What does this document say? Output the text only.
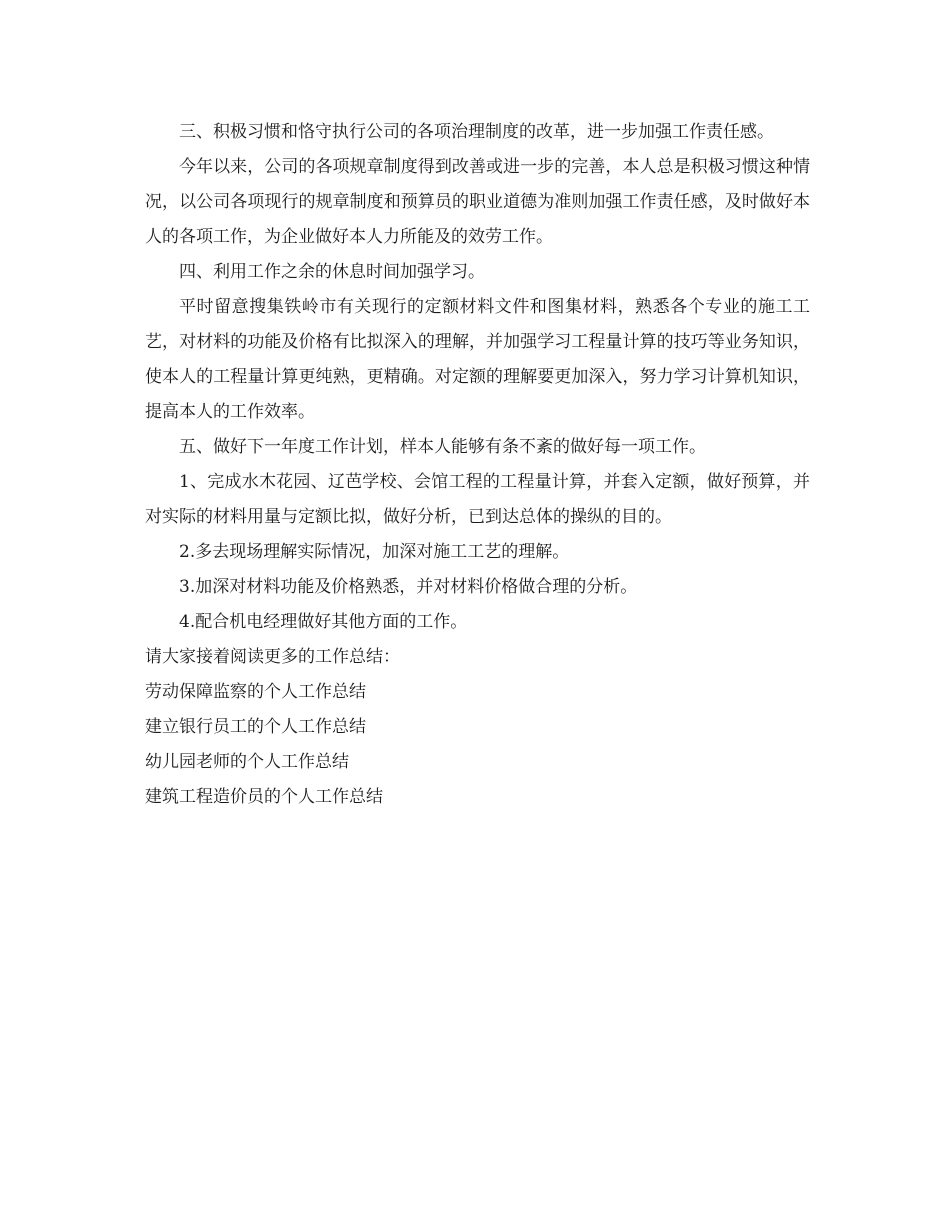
三、积极习惯和恪守执行公司的各项治理制度的改革，进一步加强工作责任感。

今年以来，公司的各项规章制度得到改善或进一步的完善，本人总是积极习惯这种情况，以公司各项现行的规章制度和预算员的职业道德为准则加强工作责任感，及时做好本人的各项工作，为企业做好本人力所能及的效劳工作。

四、利用工作之余的休息时间加强学习。

平时留意搜集铁岭市有关现行的定额材料文件和图集材料，熟悉各个专业的施工工艺，对材料的功能及价格有比拟深入的理解，并加强学习工程量计算的技巧等业务知识，使本人的工程量计算更纯熟，更精确。对定额的理解要更加深入，努力学习计算机知识，提高本人的工作效率。

五、做好下一年度工作计划，样本人能够有条不紊的做好每一项工作。

1、完成水木花园、辽芭学校、会馆工程的工程量计算，并套入定额，做好预算，并对实际的材料用量与定额比拟，做好分析，已到达总体的操纵的目的。

2.多去现场理解实际情况，加深对施工工艺的理解。

3.加深对材料功能及价格熟悉，并对材料价格做合理的分析。

4.配合机电经理做好其他方面的工作。

请大家接着阅读更多的工作总结：

劳动保障监察的个人工作总结
建立银行员工的个人工作总结
幼儿园老师的个人工作总结
建筑工程造价员的个人工作总结
